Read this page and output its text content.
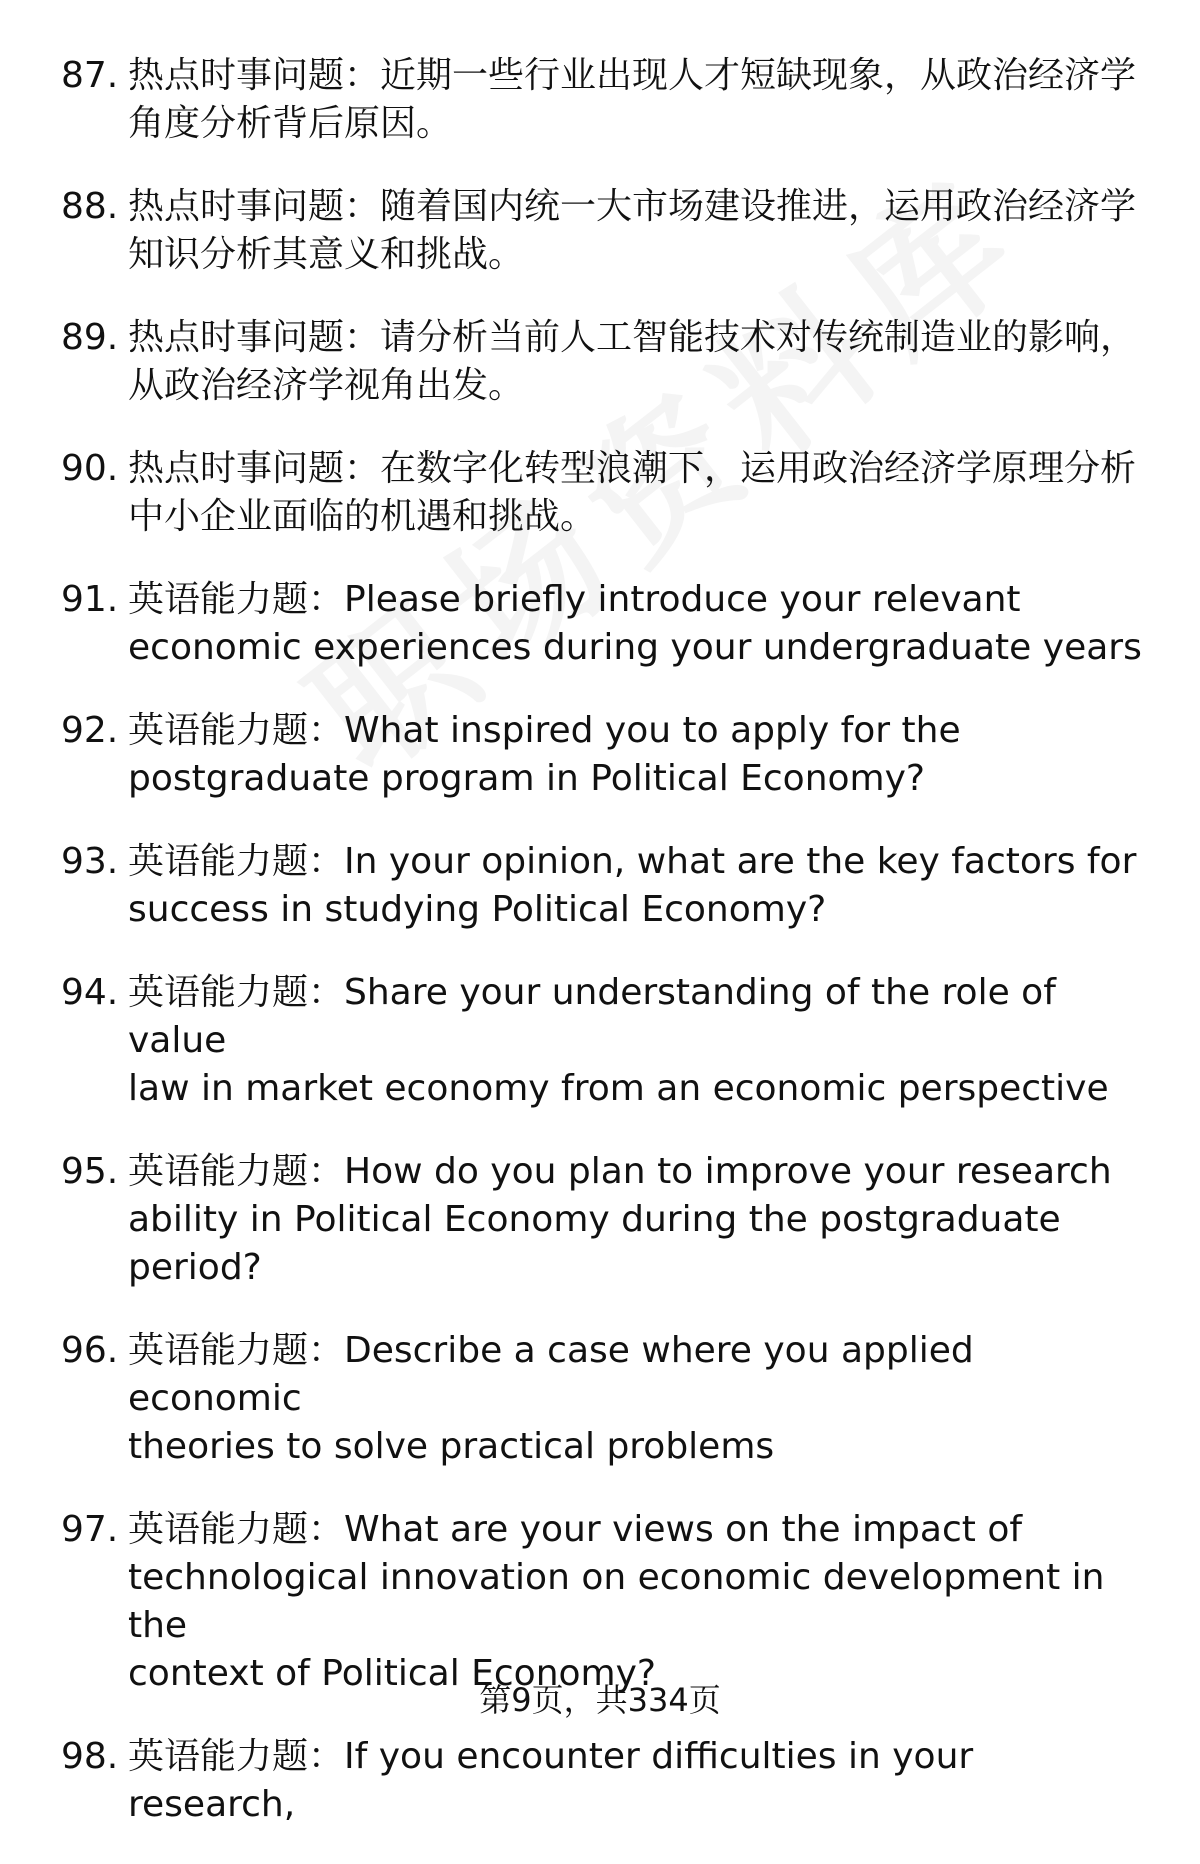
87. 热点时事问题：近期一些行业出现人才短缺现象，从政治经济学
角度分析背后原因。
88. 热点时事问题：随着国内统一大市场建设推进，运用政治经济学
知识分析其意义和挑战。
89. 热点时事问题：请分析当前人工智能技术对传统制造业的影响，
从政治经济学视角出发。
90. 热点时事问题：在数字化转型浪潮下，运用政治经济学原理分析
中小企业面临的机遇和挑战。
91. 英语能力题：Please briefly introduce your relevant
economic experiences during your undergraduate years
92. 英语能力题：What inspired you to apply for the
postgraduate program in Political Economy?
93. 英语能力题：In your opinion, what are the key factors for
success in studying Political Economy?
94. 英语能力题：Share your understanding of the role of value
law in market economy from an economic perspective
95. 英语能力题：How do you plan to improve your research
ability in Political Economy during the postgraduate
period?
96. 英语能力题：Describe a case where you applied economic
theories to solve practical problems
97. 英语能力题：What are your views on the impact of
technological innovation on economic development in the
context of Political Economy?
98. 英语能力题：If you encounter difficulties in your research,
第9页，共334页
